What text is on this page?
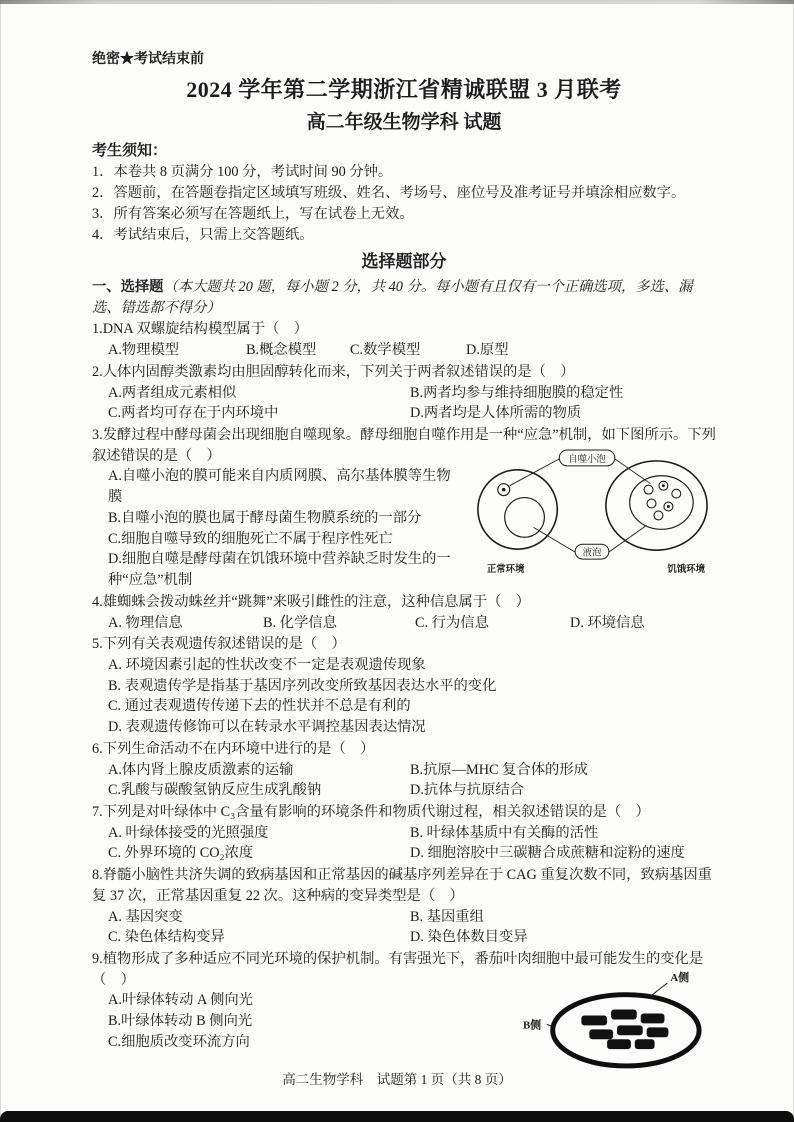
绝密★考试结束前
2024 学年第二学期浙江省精诚联盟 3 月联考
高二年级生物学科 试题
考生须知：
1．本卷共 8 页满分 100 分，考试时间 90 分钟。
2．答题前，在答题卷指定区域填写班级、姓名、考场号、座位号及准考证号并填涂相应数字。
3．所有答案必须写在答题纸上，写在试卷上无效。
4．考试结束后，只需上交答题纸。
选择题部分
一、选择题（本大题共 20 题，每小题 2 分，共 40 分。每小题有且仅有一个正确选项，多选、漏选、错选都不得分）
1.DNA 双螺旋结构模型属于（　）
A.物理模型	B.概念模型	C.数学模型	D.原型
2.人体内固醇类激素均由胆固醇转化而来，下列关于两者叙述错误的是（　）
A.两者组成元素相似	B.两者均参与维持细胞膜的稳定性
C.两者均可存在于内环境中	D.两者均是人体所需的物质
3.发酵过程中酵母菌会出现细胞自噬现象。酵母细胞自噬作用是一种“应急”机制，如下图所示。下列叙述错误的是（　）	自噬小泡
液泡
正常环境	饥饿环境
A.自噬小泡的膜可能来自内质网膜、高尔基体膜等生物膜
B.自噬小泡的膜也属于酵母菌生物膜系统的一部分
C.细胞自噬导致的细胞死亡不属于程序性死亡
D.细胞自噬是酵母菌在饥饿环境中营养缺乏时发生的一种“应急”机制
4.雄蜘蛛会拨动蛛丝并“跳舞”来吸引雌性的注意，这种信息属于（　）
A. 物理信息	B. 化学信息	C. 行为信息	D. 环境信息
5.下列有关表观遗传叙述错误的是（　）
A. 环境因素引起的性状改变不一定是表观遗传现象
B. 表观遗传学是指基于基因序列改变所致基因表达水平的变化
C. 通过表观遗传传递下去的性状并不总是有利的
D. 表观遗传修饰可以在转录水平调控基因表达情况
6.下列生命活动不在内环境中进行的是（　）
A.体内肾上腺皮质激素的运输	B.抗原—MHC 复合体的形成
C.乳酸与碳酸氢钠反应生成乳酸钠	D.抗体与抗原结合
7.下列是对叶绿体中 C₃含量有影响的环境条件和物质代谢过程，相关叙述错误的是（　）
A. 叶绿体接受的光照强度	B. 叶绿体基质中有关酶的活性
C. 外界环境的 CO₂浓度	D. 细胞溶胶中三碳糖合成蔗糖和淀粉的速度
8.脊髓小脑性共济失调的致病基因和正常基因的碱基序列差异在于 CAG 重复次数不同，致病基因重复 37 次，正常基因重复 22 次。这种病的变异类型是（　）
A. 基因突变	B. 基因重组
C. 染色体结构变异	D. 染色体数目变异
9.植物形成了多种适应不同光环境的保护机制。有害强光下，番茄叶肉细胞中最可能发生的变化是（　）	A侧
B侧
A.叶绿体转动 A 侧向光
B.叶绿体转动 B 侧向光
C.细胞质改变环流方向
高二生物学科　试题第 1 页（共 8 页）
